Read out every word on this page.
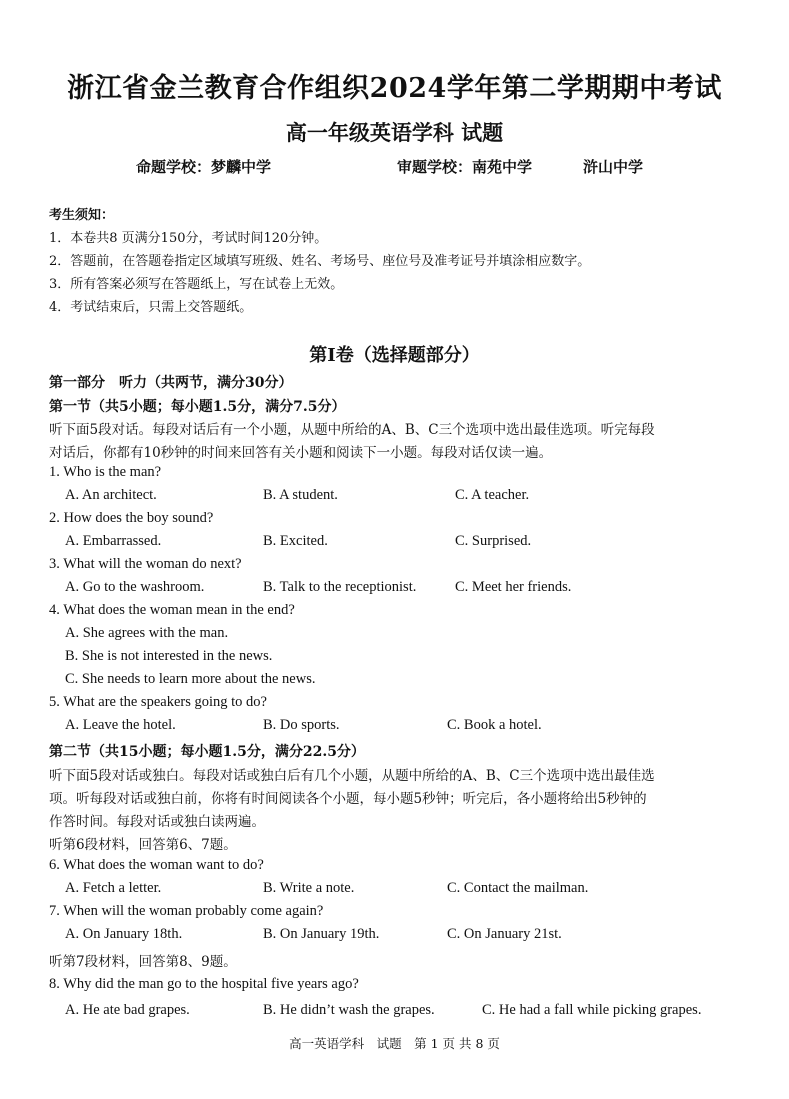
浙江省金兰教育合作组织2024学年第二学期期中考试
高一年级英语学科 试题
命题学校：梦麟中学	审题学校：南苑中学	浒山中学
考生须知：
1．本卷共8 页满分150分，考试时间120分钟。
2．答题前，在答题卷指定区域填写班级、姓名、考场号、座位号及准考证号并填涂相应数字。
3．所有答案必须写在答题纸上，写在试卷上无效。
4．考试结束后，只需上交答题纸。
第Ⅰ卷（选择题部分）
第一部分　听力（共两节，满分30分）
第一节（共5小题；每小题1.5分，满分7.5分）
听下面5段对话。每段对话后有一个小题，从题中所给的A、B、C三个选项中选出最佳选项。听完每段
对话后，你都有10秒钟的时间来回答有关小题和阅读下一小题。每段对话仅读一遍。
1. Who is the man?
A. An architect.	B. A student.	C. A teacher.
2. How does the boy sound?
A. Embarrassed.	B. Excited.	C. Surprised.
3. What will the woman do next?
A. Go to the washroom.	B. Talk to the receptionist.	C. Meet her friends.
4. What does the woman mean in the end?
A. She agrees with the man.
B. She is not interested in the news.
C. She needs to learn more about the news.
5. What are the speakers going to do?
A. Leave the hotel.	B. Do sports.	C. Book a hotel.
第二节（共15小题；每小题1.5分，满分22.5分）
听下面5段对话或独白。每段对话或独白后有几个小题，从题中所给的A、B、C三个选项中选出最佳选
项。听每段对话或独白前，你将有时间阅读各个小题，每小题5秒钟；听完后，各小题将给出5秒钟的
作答时间。每段对话或独白读两遍。
听第6段材料，回答第6、7题。
6. What does the woman want to do?
A. Fetch a letter.	B. Write a note.	C. Contact the mailman.
7. When will the woman probably come again?
A. On January 18th.	B. On January 19th.	C. On January 21st.
听第7段材料，回答第8、9题。
8. Why did the man go to the hospital five years ago?
A. He ate bad grapes.	B. He didn’t wash the grapes.	C. He had a fall while picking grapes.
高一英语学科　试题　第 1 页 共 8 页
